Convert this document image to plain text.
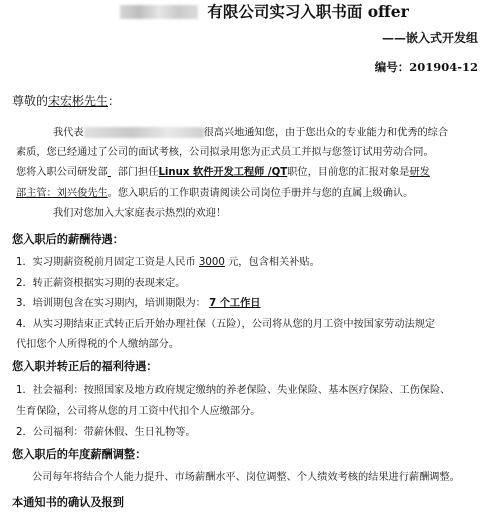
有限公司实习入职书面 offer
——嵌入式开发组
编号：201904-12
尊敬的宋宏彬先生：
我代表	很高兴地通知您，由于您出众的专业能力和优秀的综合
素质，您已经通过了公司的面试考核，公司拟录用您为正式员工并拟与您签订试用劳动合同。
您将入职公司研发部 部门担任Linux 软件开发工程师 /QT职位，目前您的汇报对象是研发
部主管：刘兴俊先生。您入职后的工作职责请阅读公司岗位手册并与您的直属上级确认。
我们对您加入大家庭表示热烈的欢迎！
您入职后的薪酬待遇：
1．实习期薪资税前月固定工资是人民币 3000 元，包含相关补贴。
2．转正薪资根据实习期的表现来定。
3．培训期包含在实习期内，培训期限为： 7 个工作日
4．从实习期结束正式转正后开始办理社保（五险），公司将从您的月工资中按国家劳动法规定
代扣您个人所得税的个人缴纳部分。
您入职并转正后的福利待遇：
1．社会福利：按照国家及地方政府规定缴纳的养老保险、失业保险、基本医疗保险、工伤保险、
生育保险，公司将从您的月工资中代扣个人应缴部分。
2．公司福利：带薪休假、生日礼物等。
您入职后的年度薪酬调整：
公司每年将结合个人能力提升、市场薪酬水平、岗位调整、个人绩效考核的结果进行薪酬调整。
本通知书的确认及报到
